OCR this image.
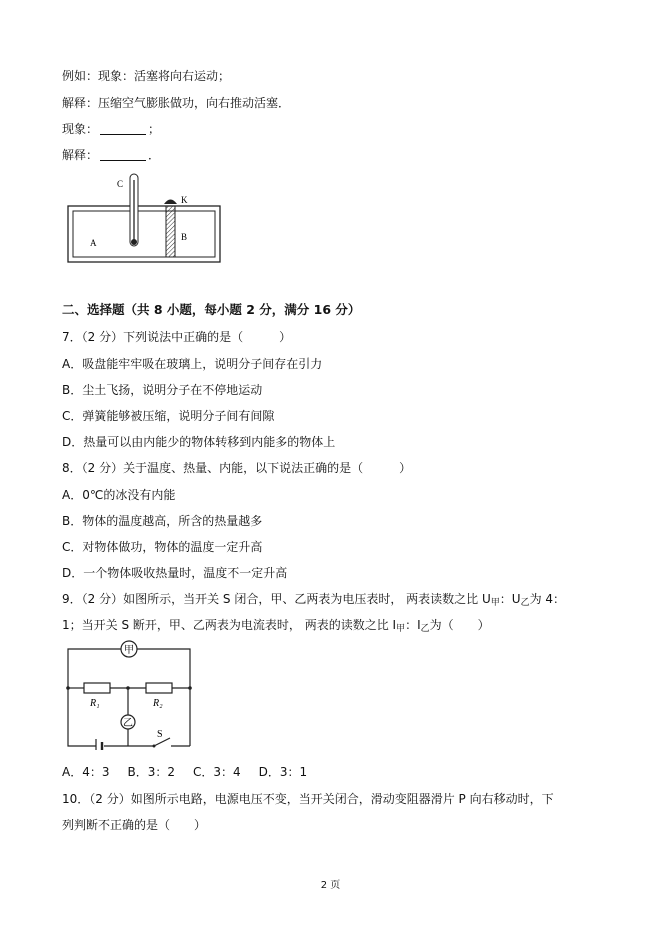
例如：现象：活塞将向右运动；
解释：压缩空气膨胀做功，向右推动活塞．
现象：	；
解释：	．
C
K
A
B
二、选择题（共 8 小题，每小题 2 分，满分 16 分）
7．（2 分）下列说法中正确的是（　　　）
A．吸盘能牢牢吸在玻璃上，说明分子间存在引力
B．尘土飞扬，说明分子在不停地运动
C．弹簧能够被压缩，说明分子间有间隙
D．热量可以由内能少的物体转移到内能多的物体上
8．（2 分）关于温度、热量、内能，以下说法正确的是（　　　）
A．0℃的冰没有内能
B．物体的温度越高，所含的热量越多
C．对物体做功，物体的温度一定升高
D．一个物体吸收热量时，温度不一定升高
9．（2 分）如图所示，当开关 S 闭合，甲、乙两表为电压表时， 两表读数之比 $U_甲$：$U_乙$为 4：
1；当开关 S 断开，甲、乙两表为电流表时， 两表的读数之比 $I_甲$：$I_乙$为（　　）
甲
乙
R₁	R₂
S
A．4：3 B．3：2 C．3：4 D．3：1
10．（2 分）如图所示电路，电源电压不变，当开关闭合，滑动变阻器滑片 P 向右移动时，下
列判断不正确的是（　　）
2 页
